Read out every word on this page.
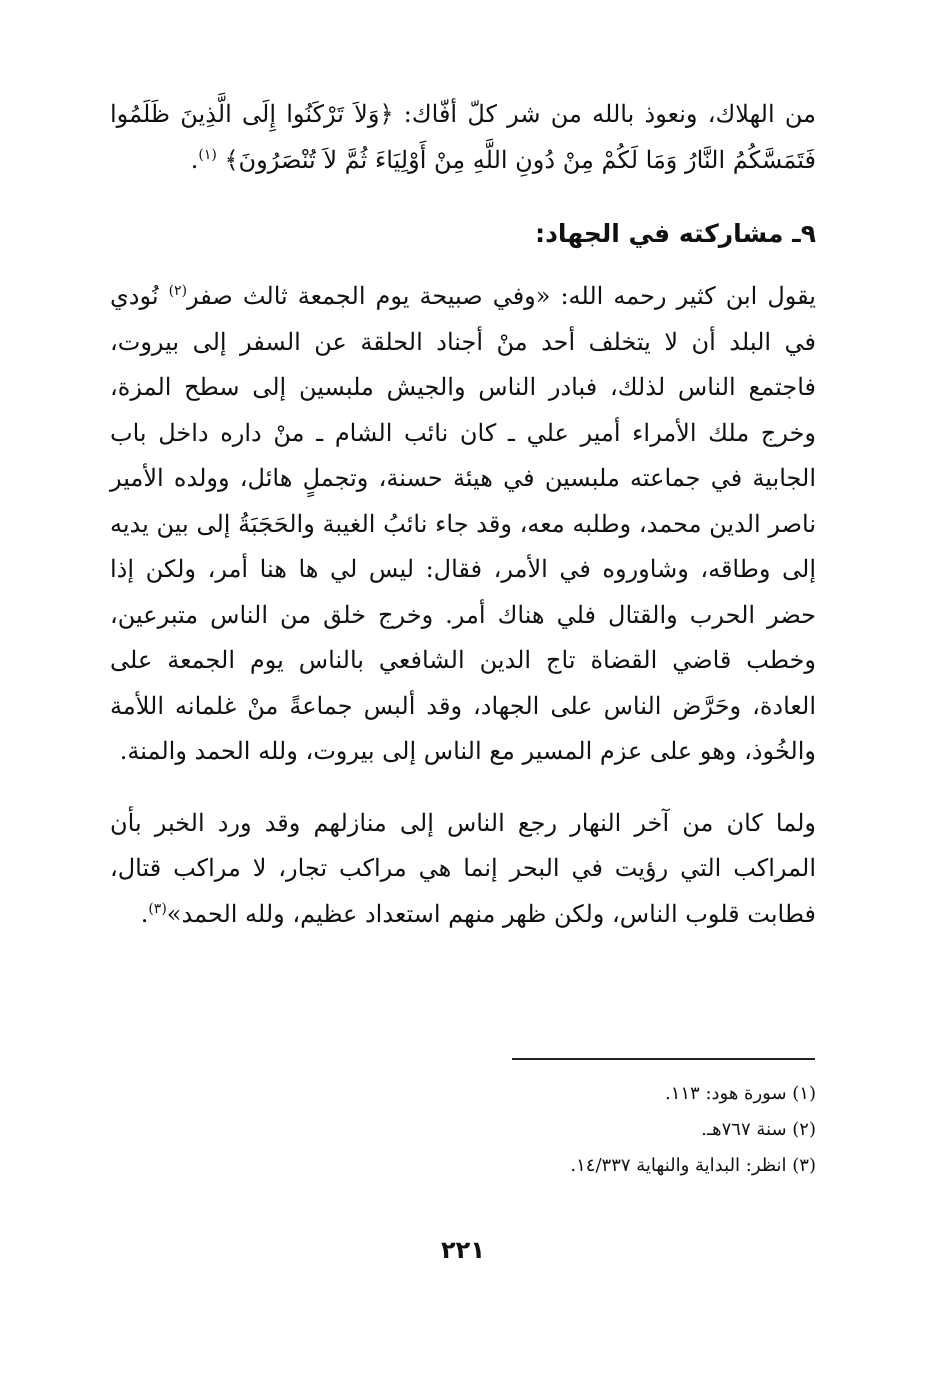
من الهلاك، ونعوذ بالله من شر كلّ أفّاك: ﴿وَلاَ تَرْكَنُوا إِلَى الَّذِينَ ظَلَمُوا فَتَمَسَّكُمُ النَّارُ وَمَا لَكُمْ مِنْ دُونِ اللَّهِ مِنْ أَوْلِيَاءَ ثُمَّ لاَ تُنْصَرُونَ﴾ $^{(١)}$.

٩ـ مشاركته في الجهاد:

يقول ابن كثير رحمه الله: «وفي صبيحة يوم الجمعة ثالث صفر$^{(٢)}$ نُودي في البلد أن لا يتخلف أحد منْ أجناد الحلقة عن السفر إلى بيروت، فاجتمع الناس لذلك، فبادر الناس والجيش ملبسين إلى سطح المزة، وخرج ملك الأمراء أمير علي ـ كان نائب الشام ـ منْ داره داخل باب الجابية في جماعته ملبسين في هيئة حسنة، وتجملٍ هائل، وولده الأمير ناصر الدين محمد، وطلبه معه، وقد جاء نائبُ الغيبة والحَجَبَةُ إلى بين يديه إلى وطاقه، وشاوروه في الأمر، فقال: ليس لي ها هنا أمر، ولكن إذا حضر الحرب والقتال فلي هناك أمر. وخرج خلق من الناس متبرعين، وخطب قاضي القضاة تاج الدين الشافعي بالناس يوم الجمعة على العادة، وحَرَّض الناس على الجهاد، وقد ألبس جماعةً منْ غلمانه اللأمة والخُوذ، وهو على عزم المسير مع الناس إلى بيروت، ولله الحمد والمنة.

ولما كان من آخر النهار رجع الناس إلى منازلهم وقد ورد الخبر بأن المراكب التي رؤيت في البحر إنما هي مراكب تجار، لا مراكب قتال، فطابت قلوب الناس، ولكن ظهر منهم استعداد عظيم، ولله الحمد»$^{(٣)}$.

(١) سورة هود: ١١٣.

(٢) سنة ٧٦٧هـ.

(٣) انظر: البداية والنهاية ١٤/٣٣٧.

٢٢١
